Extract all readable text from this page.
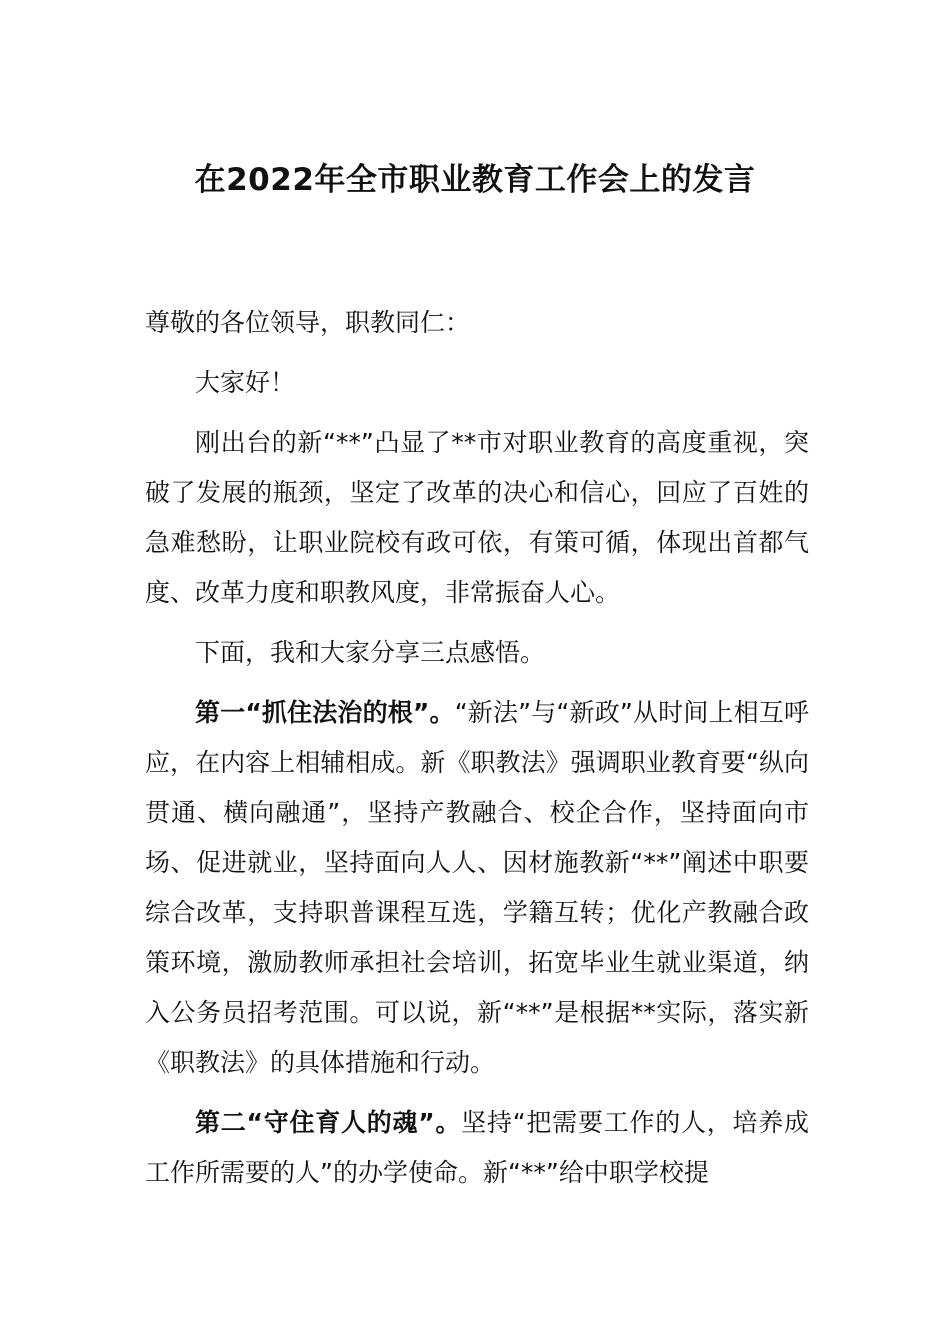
在2022年全市职业教育工作会上的发言

尊敬的各位领导，职教同仁：

大家好！

刚出台的新“**”凸显了**市对职业教育的高度重视，突破了发展的瓶颈，坚定了改革的决心和信心，回应了百姓的急难愁盼，让职业院校有政可依，有策可循，体现出首都气度、改革力度和职教风度，非常振奋人心。

下面，我和大家分享三点感悟。

第一“抓住法治的根”。“新法”与“新政”从时间上相互呼应，在内容上相辅相成。新《职教法》强调职业教育要“纵向贯通、横向融通”，坚持产教融合、校企合作，坚持面向市场、促进就业，坚持面向人人、因材施教新“**”阐述中职要综合改革，支持职普课程互选，学籍互转；优化产教融合政策环境，激励教师承担社会培训，拓宽毕业生就业渠道，纳入公务员招考范围。可以说，新“**”是根据**实际，落实新《职教法》的具体措施和行动。

第二“守住育人的魂”。坚持“把需要工作的人，培养成工作所需要的人”的办学使命。新“**”给中职学校提
